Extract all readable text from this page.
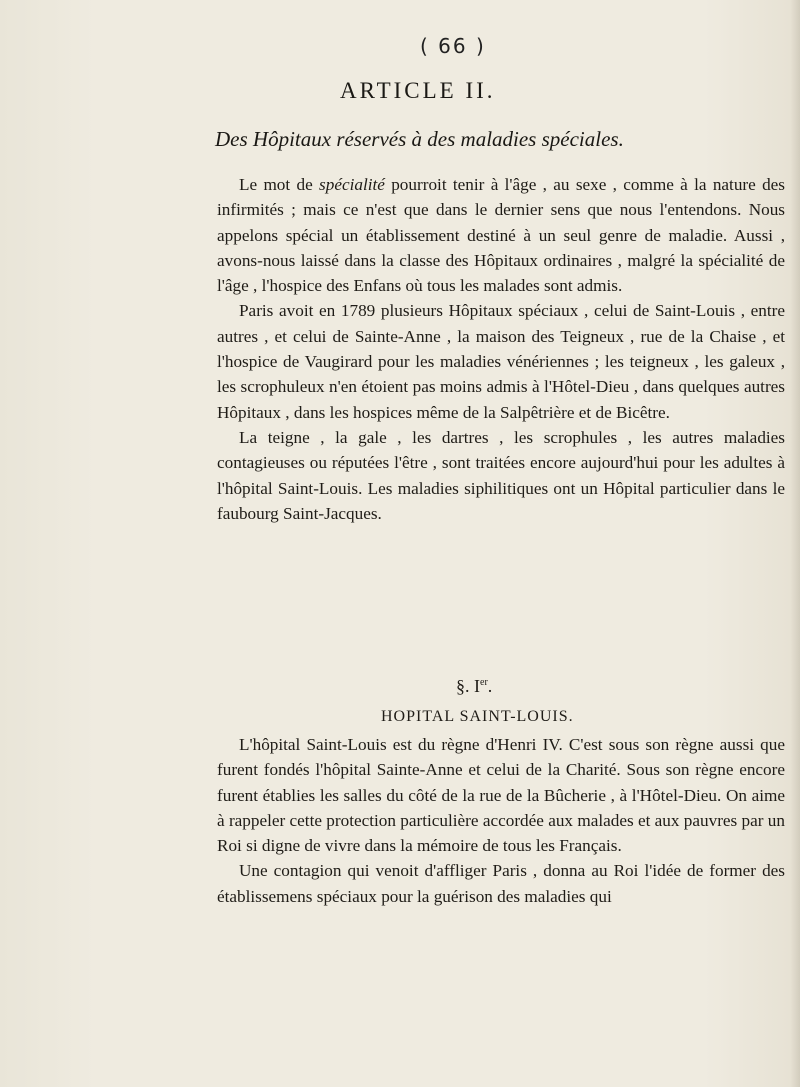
( 66 )
ARTICLE II.
Des Hôpitaux réservés à des maladies spéciales.

Le mot de spécialité pourroit tenir à l'âge , au sexe , comme à la nature des infirmités ; mais ce n'est que dans le dernier sens que nous l'entendons. Nous appelons spécial un établissement destiné à un seul genre de maladie. Aussi , avons-nous laissé dans la classe des Hôpitaux ordinaires , malgré la spécialité de l'âge , l'hospice des Enfans où tous les malades sont admis.

Paris avoit en 1789 plusieurs Hôpitaux spéciaux , celui de Saint-Louis , entre autres , et celui de Sainte-Anne , la maison des Teigneux , rue de la Chaise , et l'hospice de Vaugirard pour les maladies vénériennes ; les teigneux , les galeux , les scrophuleux n'en étoient pas moins admis à l'Hôtel-Dieu , dans quelques autres Hôpitaux , dans les hospices même de la Salpêtrière et de Bicêtre.

La teigne , la gale , les dartres , les scrophules , les autres maladies contagieuses ou réputées l'être , sont traitées encore aujourd'hui pour les adultes à l'hôpital Saint-Louis. Les maladies siphilitiques ont un Hôpital particulier dans le faubourg Saint-Jacques.

§. Ier.
HOPITAL SAINT-LOUIS.

L'hôpital Saint-Louis est du règne d'Henri IV. C'est sous son règne aussi que furent fondés l'hôpital Sainte-Anne et celui de la Charité. Sous son règne encore furent établies les salles du côté de la rue de la Bûcherie , à l'Hôtel-Dieu. On aime à rappeler cette protection particulière accordée aux malades et aux pauvres par un Roi si digne de vivre dans la mémoire de tous les Français.

Une contagion qui venoit d'affliger Paris , donna au Roi l'idée de former des établissemens spéciaux pour la guérison des maladies qui
